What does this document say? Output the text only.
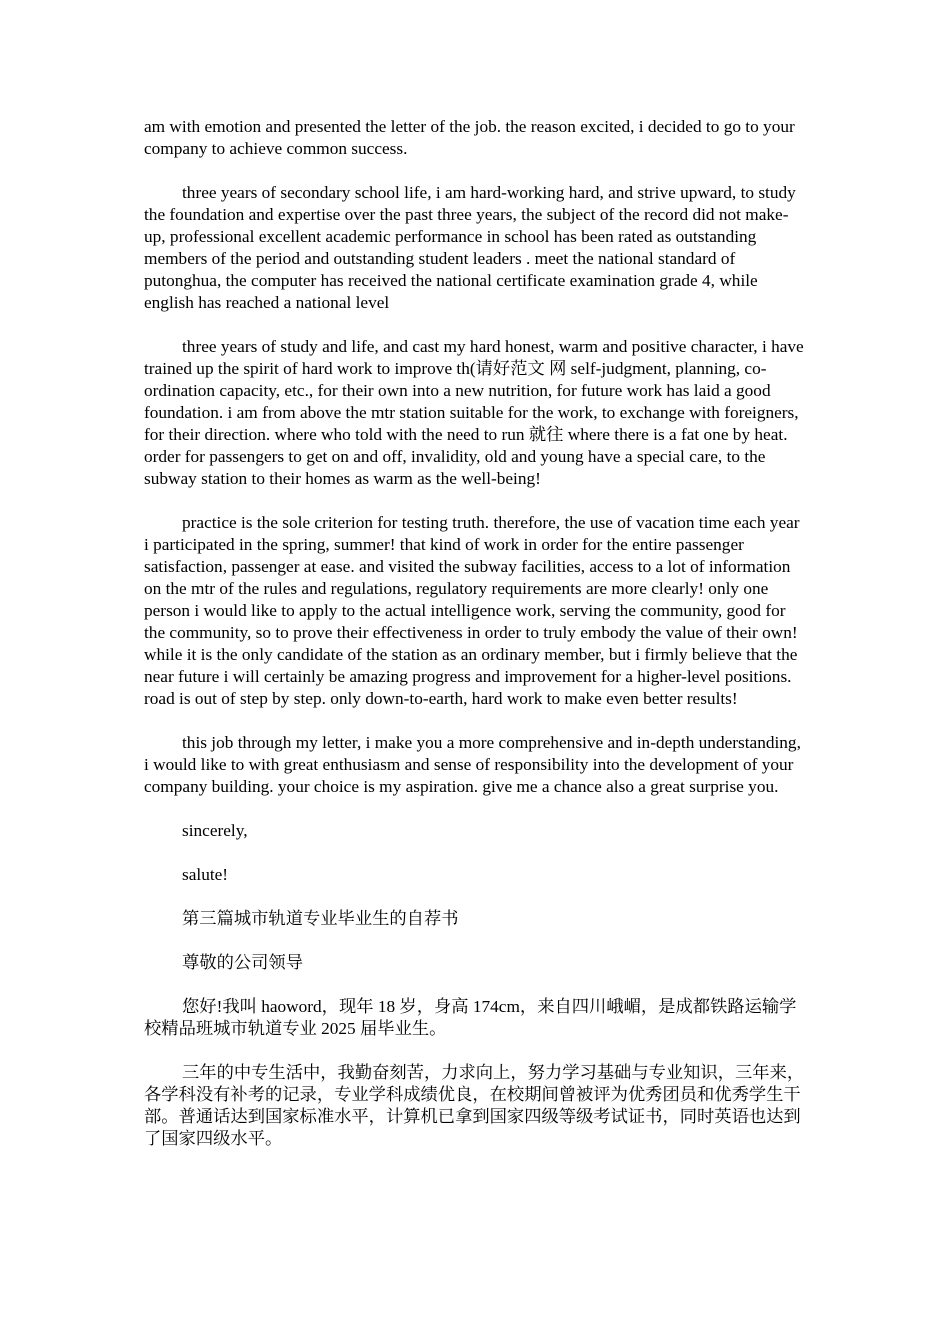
am with emotion and presented the letter of the job. the reason excited, i decided to go to your company to achieve common success.

three years of secondary school life, i am hard-working hard, and strive upward, to study the foundation and expertise over the past three years, the subject of the record did not make-up, professional excellent academic performance in school has been rated as outstanding members of the period and outstanding student leaders . meet the national standard of putonghua, the computer has received the national certificate examination grade 4, while english has reached a national level

three years of study and life, and cast my hard honest, warm and positive character, i have trained up the spirit of hard work to improve th(请好范文 网 self-judgment, planning, co-ordination capacity, etc., for their own into a new nutrition, for future work has laid a good foundation. i am from above the mtr station suitable for the work, to exchange with foreigners, for their direction. where who told with the need to run 就往 where there is a fat one by heat. order for passengers to get on and off, invalidity, old and young have a special care, to the subway station to their homes as warm as the well-being!

practice is the sole criterion for testing truth. therefore, the use of vacation time each year i participated in the spring, summer! that kind of work in order for the entire passenger satisfaction, passenger at ease. and visited the subway facilities, access to a lot of information on the mtr of the rules and regulations, regulatory requirements are more clearly! only one person i would like to apply to the actual intelligence work, serving the community, good for the community, so to prove their effectiveness in order to truly embody the value of their own! while it is the only candidate of the station as an ordinary member, but i firmly believe that the near future i will certainly be amazing progress and improvement for a higher-level positions. road is out of step by step. only down-to-earth, hard work to make even better results!

this job through my letter, i make you a more comprehensive and in-depth understanding, i would like to with great enthusiasm and sense of responsibility into the development of your company building. your choice is my aspiration. give me a chance also a great surprise you.

sincerely,

salute!

第三篇城市轨道专业毕业生的自荐书

尊敬的公司领导

您好!我叫 haoword，现年 18 岁，身高 174cm，来自四川峨嵋，是成都铁路运输学校精品班城市轨道专业 2025 届毕业生。

三年的中专生活中，我勤奋刻苦，力求向上，努力学习基础与专业知识，三年来，各学科没有补考的记录，专业学科成绩优良，在校期间曾被评为优秀团员和优秀学生干部。普通话达到国家标准水平，计算机已拿到国家四级等级考试证书，同时英语也达到了国家四级水平。
